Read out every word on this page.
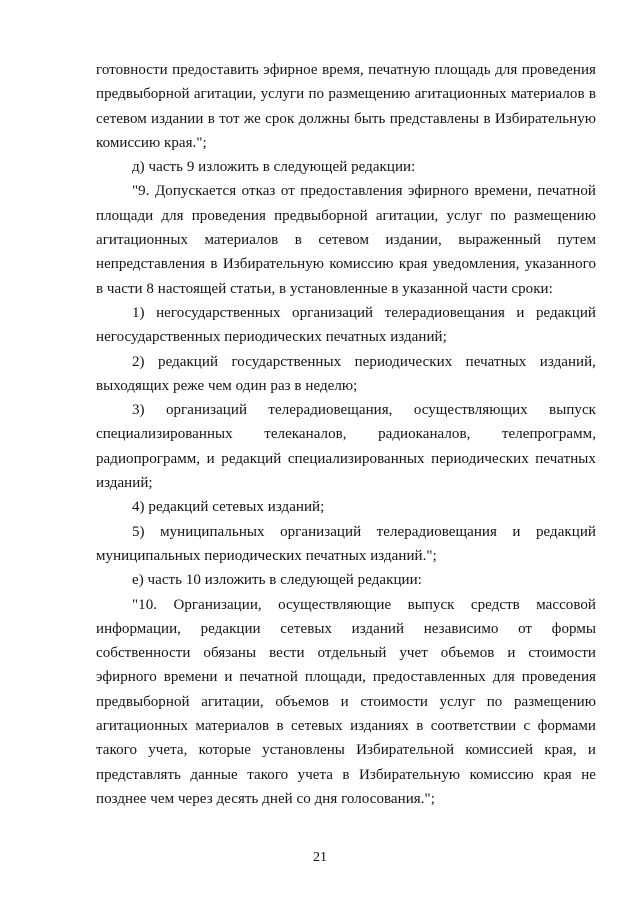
готовности предоставить эфирное время, печатную площадь для проведения предвыборной агитации, услуги по размещению агитационных материалов в сетевом издании в тот же срок должны быть представлены в Избирательную комиссию края.";

д) часть 9 изложить в следующей редакции:

"9. Допускается отказ от предоставления эфирного времени, печатной площади для проведения предвыборной агитации, услуг по размещению агитационных материалов в сетевом издании, выраженный путем непредставления в Избирательную комиссию края уведомления, указанного в части 8 настоящей статьи, в установленные в указанной части сроки:

1) негосударственных организаций телерадиовещания и редакций негосударственных периодических печатных изданий;

2) редакций государственных периодических печатных изданий, выходящих реже чем один раз в неделю;

3) организаций телерадиовещания, осуществляющих выпуск специализированных телеканалов, радиоканалов, телепрограмм, радиопрограмм, и редакций специализированных периодических печатных изданий;

4) редакций сетевых изданий;

5) муниципальных организаций телерадиовещания и редакций муниципальных периодических печатных изданий.";

е) часть 10 изложить в следующей редакции:

"10. Организации, осуществляющие выпуск средств массовой информации, редакции сетевых изданий независимо от формы собственности обязаны вести отдельный учет объемов и стоимости эфирного времени и печатной площади, предоставленных для проведения предвыборной агитации, объемов и стоимости услуг по размещению агитационных материалов в сетевых изданиях в соответствии с формами такого учета, которые установлены Избирательной комиссией края, и представлять данные такого учета в Избирательную комиссию края не позднее чем через десять дней со дня голосования.";

21
